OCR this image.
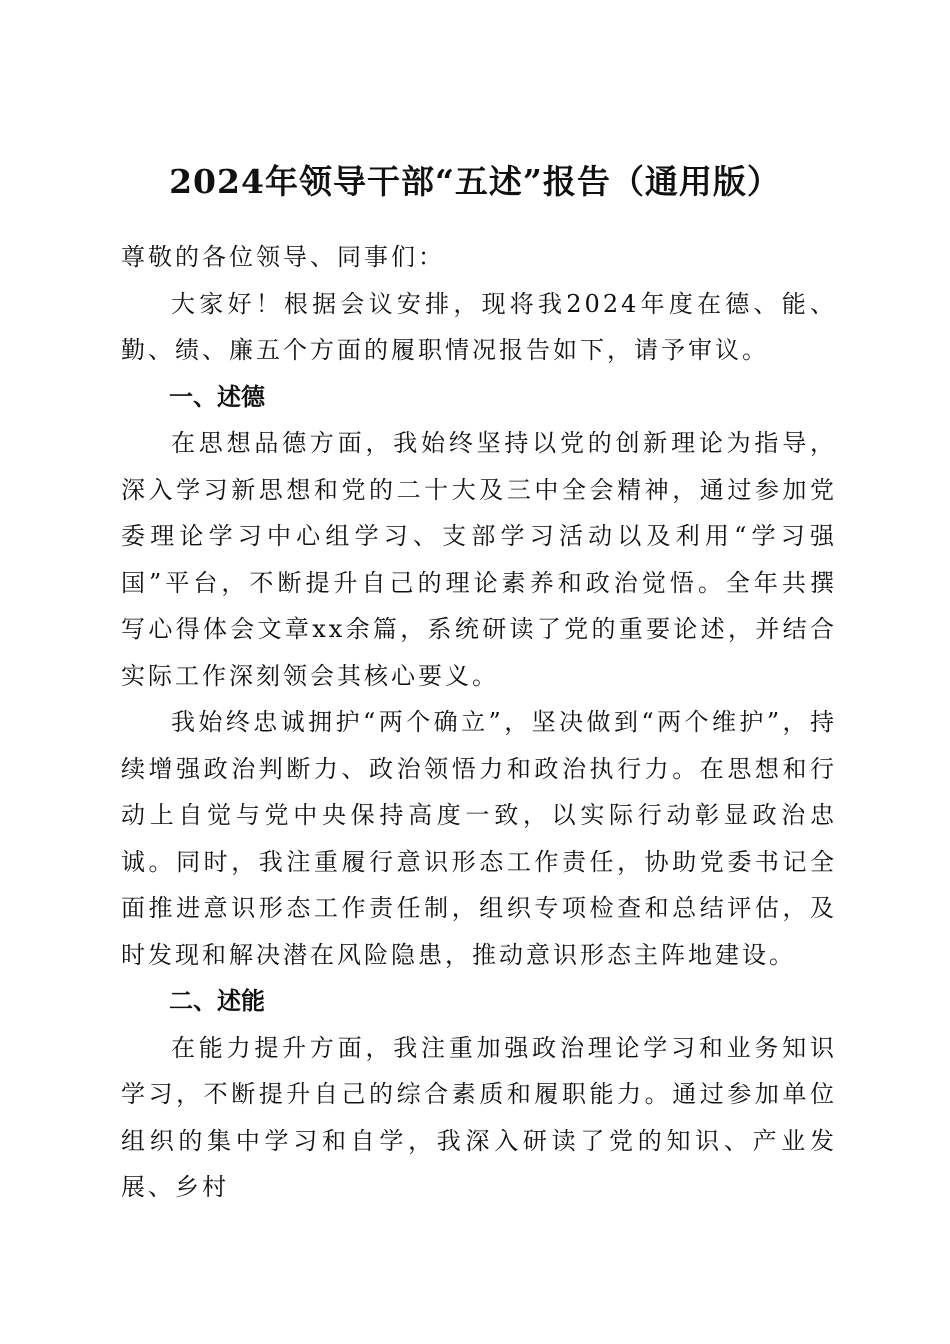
2024年领导干部“五述”报告（通用版）

尊敬的各位领导、同事们：

大家好！根据会议安排，现将我2024年度在德、能、勤、绩、廉五个方面的履职情况报告如下，请予审议。

一、述德

在思想品德方面，我始终坚持以党的创新理论为指导，深入学习新思想和党的二十大及三中全会精神，通过参加党委理论学习中心组学习、支部学习活动以及利用“学习强国”平台，不断提升自己的理论素养和政治觉悟。全年共撰写心得体会文章xx余篇，系统研读了党的重要论述，并结合实际工作深刻领会其核心要义。

我始终忠诚拥护“两个确立”，坚决做到“两个维护”，持续增强政治判断力、政治领悟力和政治执行力。在思想和行动上自觉与党中央保持高度一致，以实际行动彰显政治忠诚。同时，我注重履行意识形态工作责任，协助党委书记全面推进意识形态工作责任制，组织专项检查和总结评估，及时发现和解决潜在风险隐患，推动意识形态主阵地建设。

二、述能

在能力提升方面，我注重加强政治理论学习和业务知识学习，不断提升自己的综合素质和履职能力。通过参加单位组织的集中学习和自学，我深入研读了党的知识、产业发展、乡村
